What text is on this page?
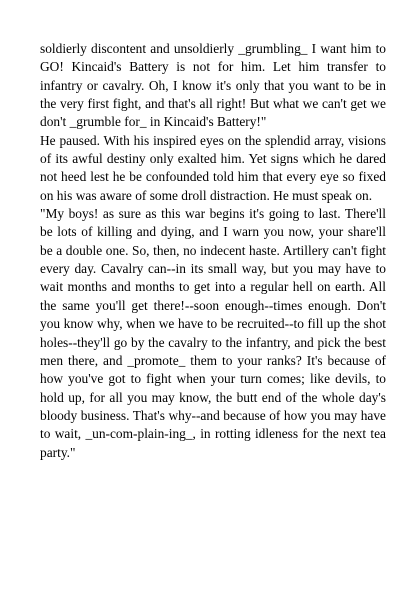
soldierly discontent and unsoldierly _grumbling_ I want him to GO! Kincaid's Battery is not for him. Let him transfer to infantry or cavalry. Oh, I know it's only that you want to be in the very first fight, and that's all right! But what we can't get we don't _grumble for_ in Kincaid's Battery!"

He paused. With his inspired eyes on the splendid array, visions of its awful destiny only exalted him. Yet signs which he dared not heed lest he be confounded told him that every eye so fixed on his was aware of some droll distraction. He must speak on.

"My boys! as sure as this war begins it's going to last. There'll be lots of killing and dying, and I warn you now, your share'll be a double one. So, then, no indecent haste. Artillery can't fight every day. Cavalry can--in its small way, but you may have to wait months and months to get into a regular hell on earth. All the same you'll get there!--soon enough--times enough. Don't you know why, when we have to be recruited--to fill up the shot holes--they'll go by the cavalry to the infantry, and pick the best men there, and _promote_ them to your ranks? It's because of how you've got to fight when your turn comes; like devils, to hold up, for all you may know, the butt end of the whole day's bloody business. That's why--and because of how you may have to wait, _un-com-plain-ing_, in rotting idleness for the next tea party."
